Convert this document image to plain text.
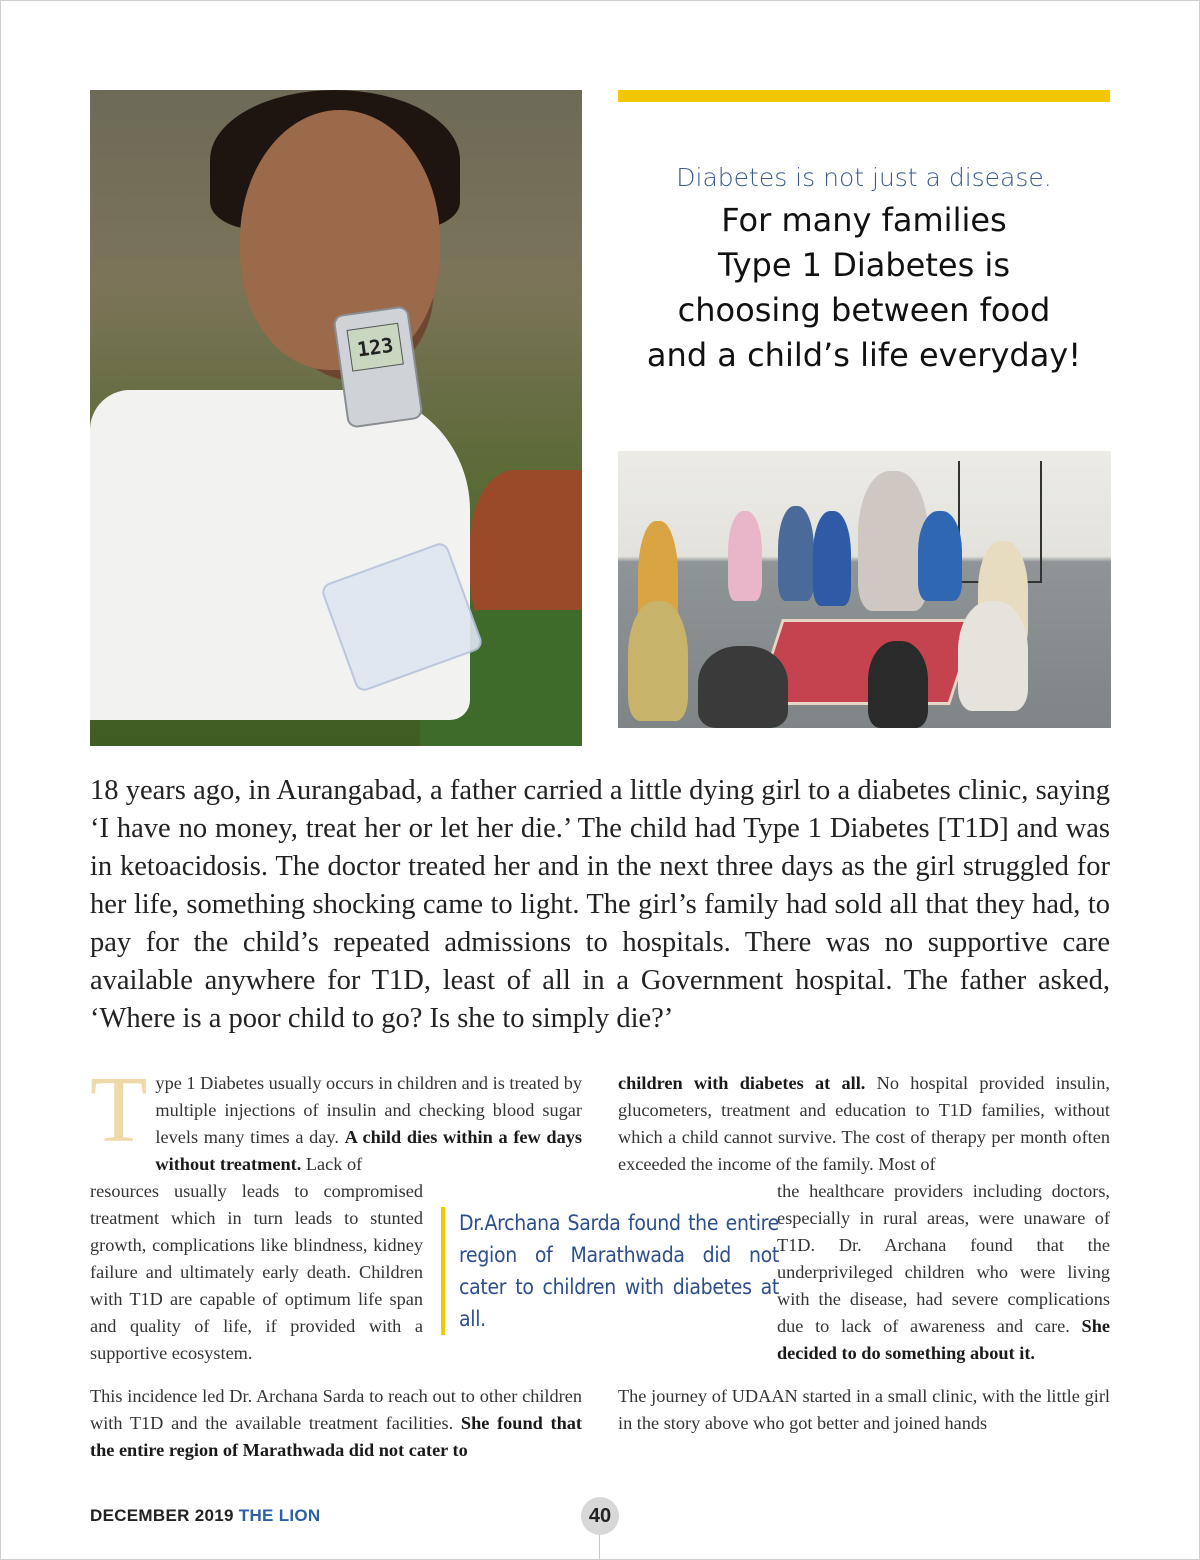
123
Diabetes is not just a disease.
For many families
Type 1 Diabetes is
choosing between food
and a child’s life everyday!
18 years ago, in Aurangabad, a father carried a little dying girl to a diabetes clinic, saying ‘I have no money, treat her or let her die.’ The child had Type 1 Diabetes [T1D] and was in ketoacidosis. The doctor treated her and in the next three days as the girl struggled for her life, something shocking came to light. The girl’s family had sold all that they had, to pay for the child’s repeated admissions to hospitals. There was no supportive care available anywhere for T1D, least of all in a Government hospital. The father asked, ‘Where is a poor child to go? Is she to simply die?’
T ype 1 Diabetes usually occurs in children and is treated by multiple injections of insulin and checking blood sugar levels many times a day. A child dies within a few days without treatment. Lack of
resources usually leads to compromised treatment which in turn leads to stunted growth, complications like blindness, kidney failure and ultimately early death. Children with T1D are capable of optimum life span and quality of life, if provided with a supportive ecosystem.
This incidence led Dr. Archana Sarda to reach out to other children with T1D and the available treatment facilities. She found that the entire region of Marathwada did not cater to
children with diabetes at all. No hospital provided insulin, glucometers, treatment and education to T1D families, without which a child cannot survive. The cost of therapy per month often exceeded the income of the family. Most of
the healthcare providers including doctors, especially in rural areas, were unaware of T1D. Dr. Archana found that the underprivileged children who were living with the disease, had severe complications due to lack of awareness and care. She decided to do something about it.
The journey of UDAAN started in a small clinic, with the little girl in the story above who got better and joined hands
Dr.Archana Sarda found the entire region of Marathwada did not cater to children with diabetes at all.
DECEMBER 2019 THE LION	40
